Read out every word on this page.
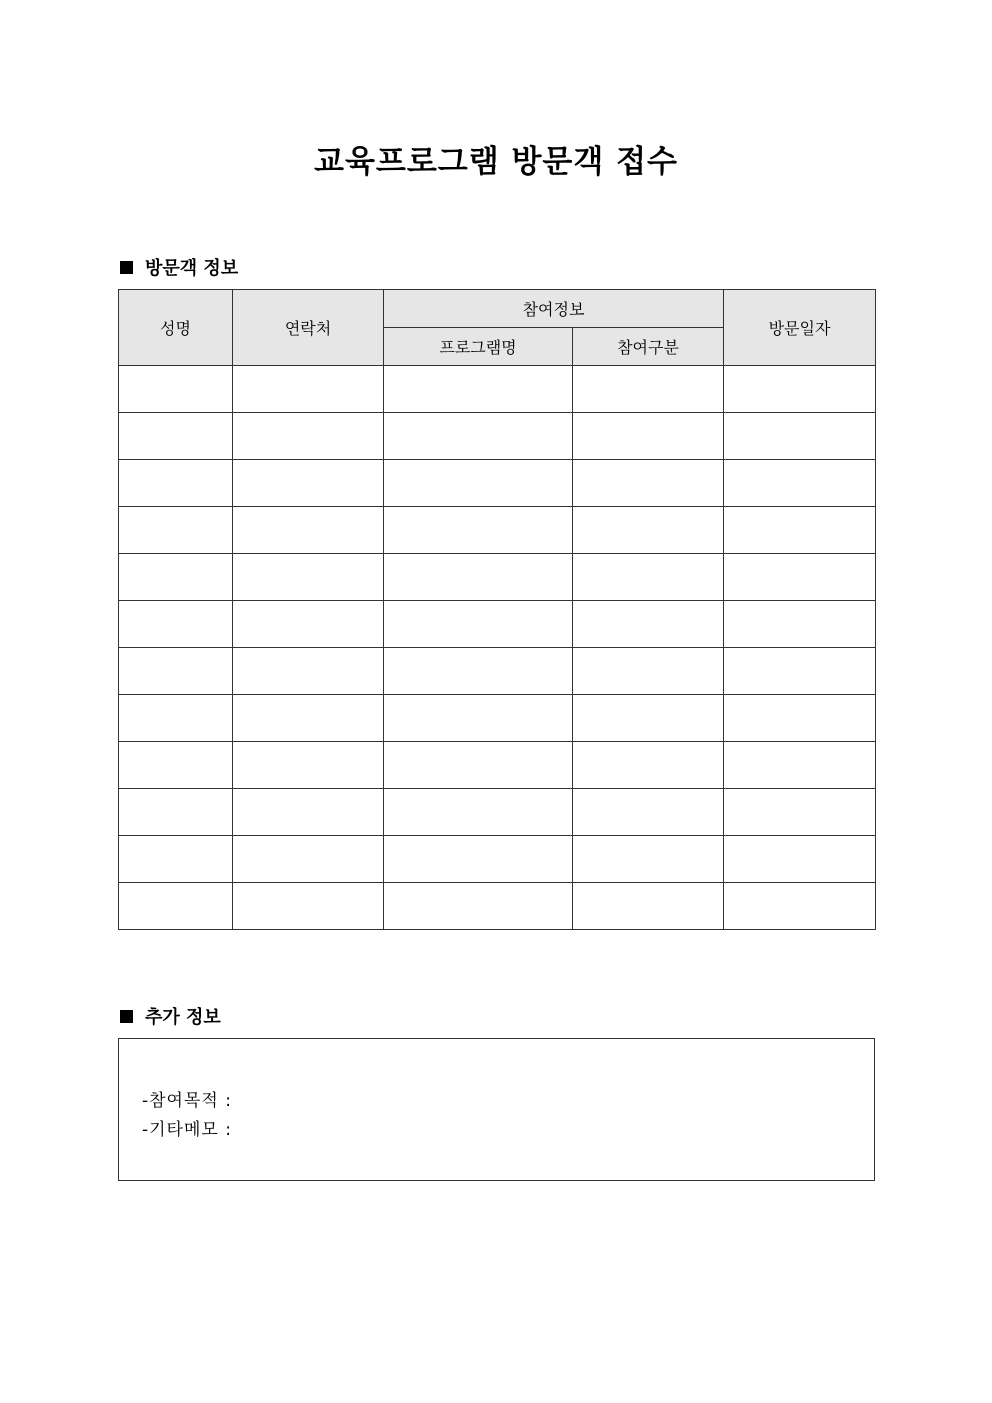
교육프로그램 방문객 접수
방문객 정보
성명	연락처	참여정보		방문일자
		프로그램명	참여구분	

추가 정보
-참여목적 :
-기타메모 :
